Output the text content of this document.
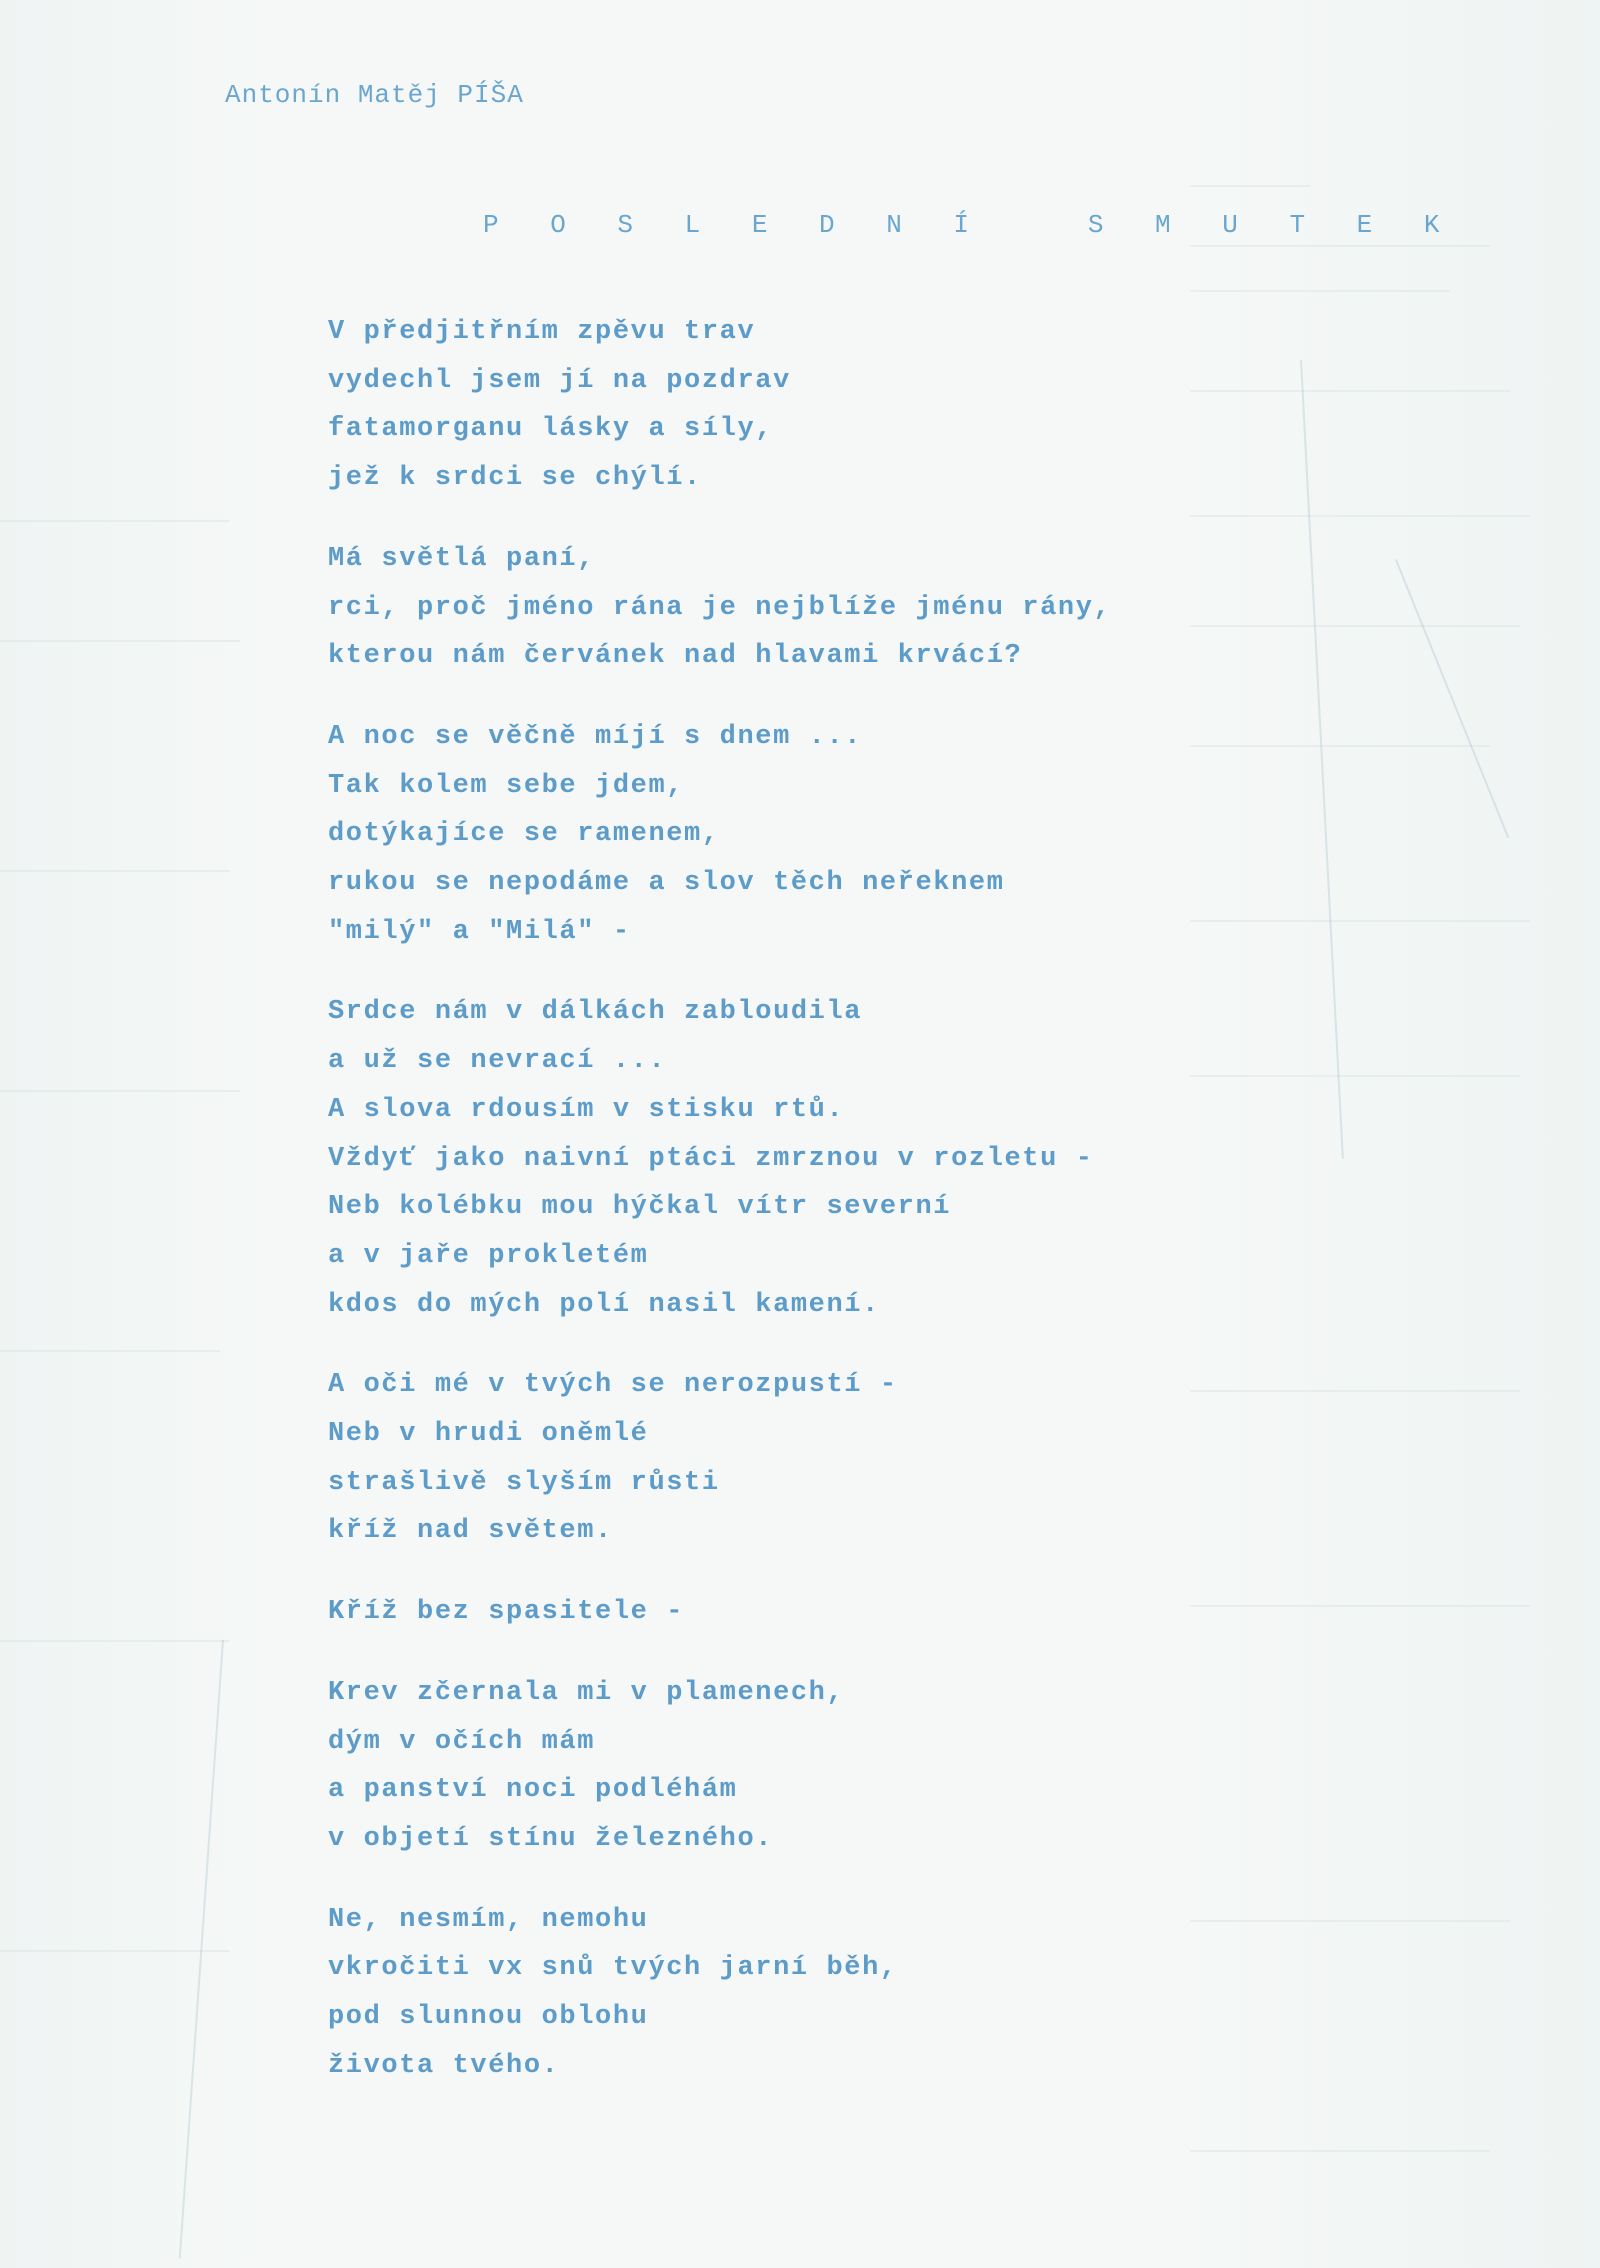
Antonín Matěj PÍŠA
P O S L E D N Í   S M U T E K
V předjitřním zpěvu trav
vydechl jsem jí na pozdrav
fatamorganu lásky a síly,
jež k srdci se chýlí.
Má světlá paní,
rci, proč jméno rána je nejblíže jménu rány,
kterou nám červánek nad hlavami krvácí?
A noc se věčně míjí s dnem ...
Tak kolem sebe jdem,
dotýkajíce se ramenem,
rukou se nepodáme a slov těch neřeknem
"milý" a "Milá" -
Srdce nám v dálkách zabloudila
a už se nevrací ...
A slova rdousím v stisku rtů.
Vždyť jako naivní ptáci zmrznou v rozletu -
Neb kolébku mou hýčkal vítr severní
a v jaře prokletém
kdos do mých polí nasil kamení.
A oči mé v tvých se nerozpustí -
Neb v hrudi oněmlé
strašlivě slyším růsti
kříž nad světem.
Kříž bez spasitele -
Krev zčernala mi v plamenech,
dým v očích mám
a panství noci podléhám
v objetí stínu železného.
Ne, nesmím, nemohu
vkročiti vx snů tvých jarní běh,
pod slunnou oblohu
života tvého.
